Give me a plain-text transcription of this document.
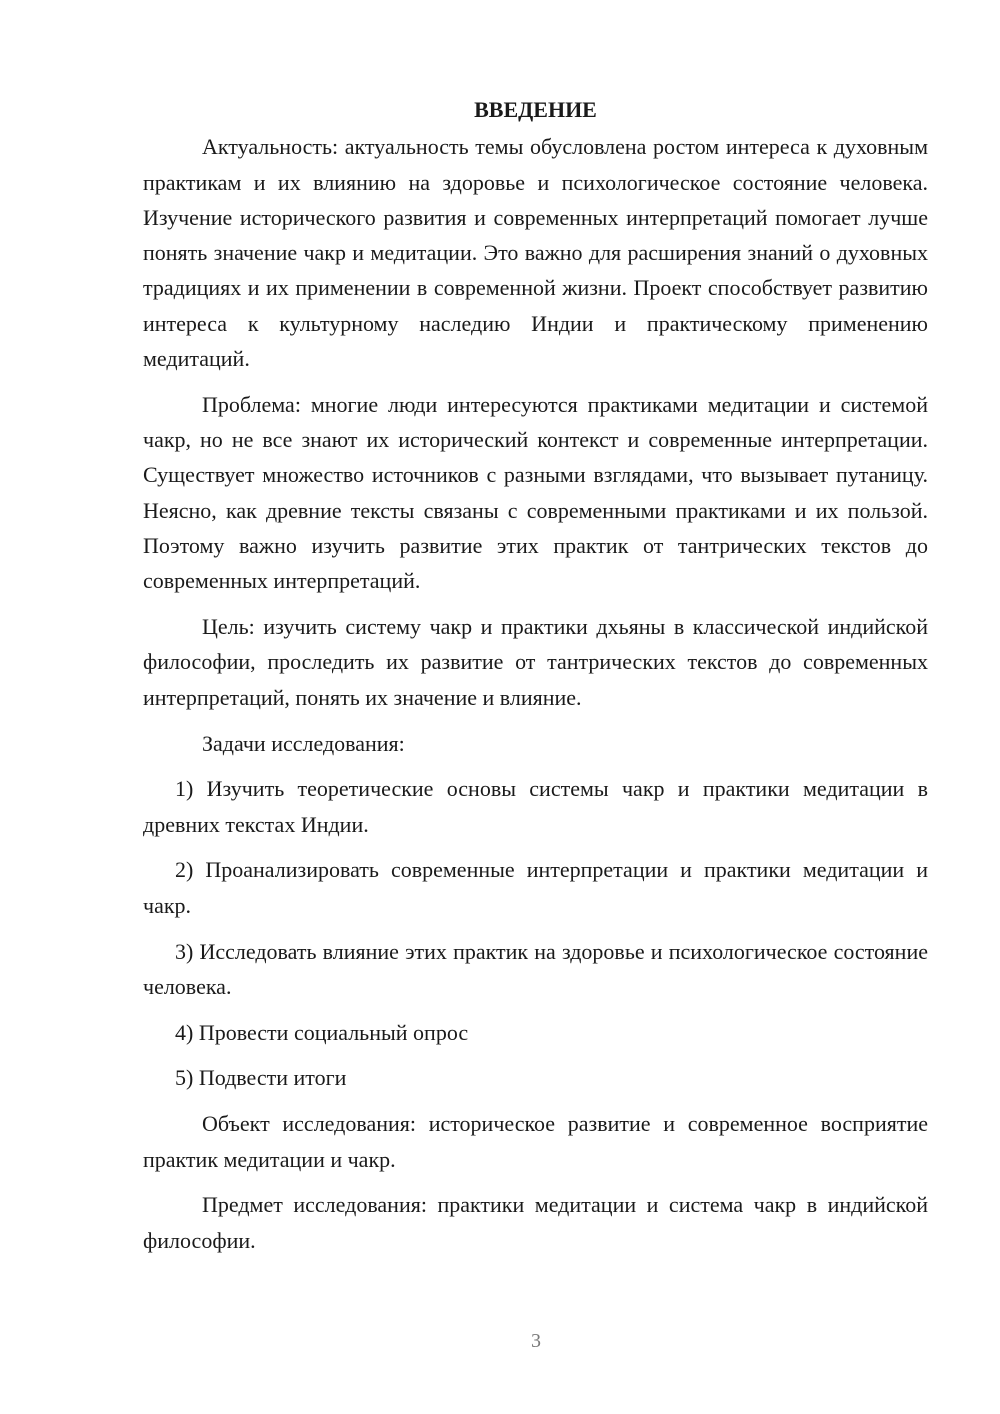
ВВЕДЕНИЕ

Актуальность: актуальность темы обусловлена ростом интереса к духовным практикам и их влиянию на здоровье и психологическое состояние человека. Изучение исторического развития и современных интерпретаций помогает лучше понять значение чакр и медитации. Это важно для расширения знаний о духовных традициях и их применении в современной жизни. Проект способствует развитию интереса к культурному наследию Индии и практическому применению медитаций.

Проблема: многие люди интересуются практиками медитации и системой чакр, но не все знают их исторический контекст и современные интерпретации. Существует множество источников с разными взглядами, что вызывает путаницу. Неясно, как древние тексты связаны с современными практиками и их пользой. Поэтому важно изучить развитие этих практик от тантрических текстов до современных интерпретаций.

Цель: изучить систему чакр и практики дхьяны в классической индийской философии, проследить их развитие от тантрических текстов до современных интерпретаций, понять их значение и влияние.

Задачи исследования:

1) Изучить теоретические основы системы чакр и практики медитации в древних текстах Индии.

2) Проанализировать современные интерпретации и практики медитации и чакр.

3) Исследовать влияние этих практик на здоровье и психологическое состояние человека.

4) Провести социальный опрос

5) Подвести итоги

Объект исследования: историческое развитие и современное восприятие практик медитации и чакр.

Предмет исследования: практики медитации и система чакр в индийской философии.

3
